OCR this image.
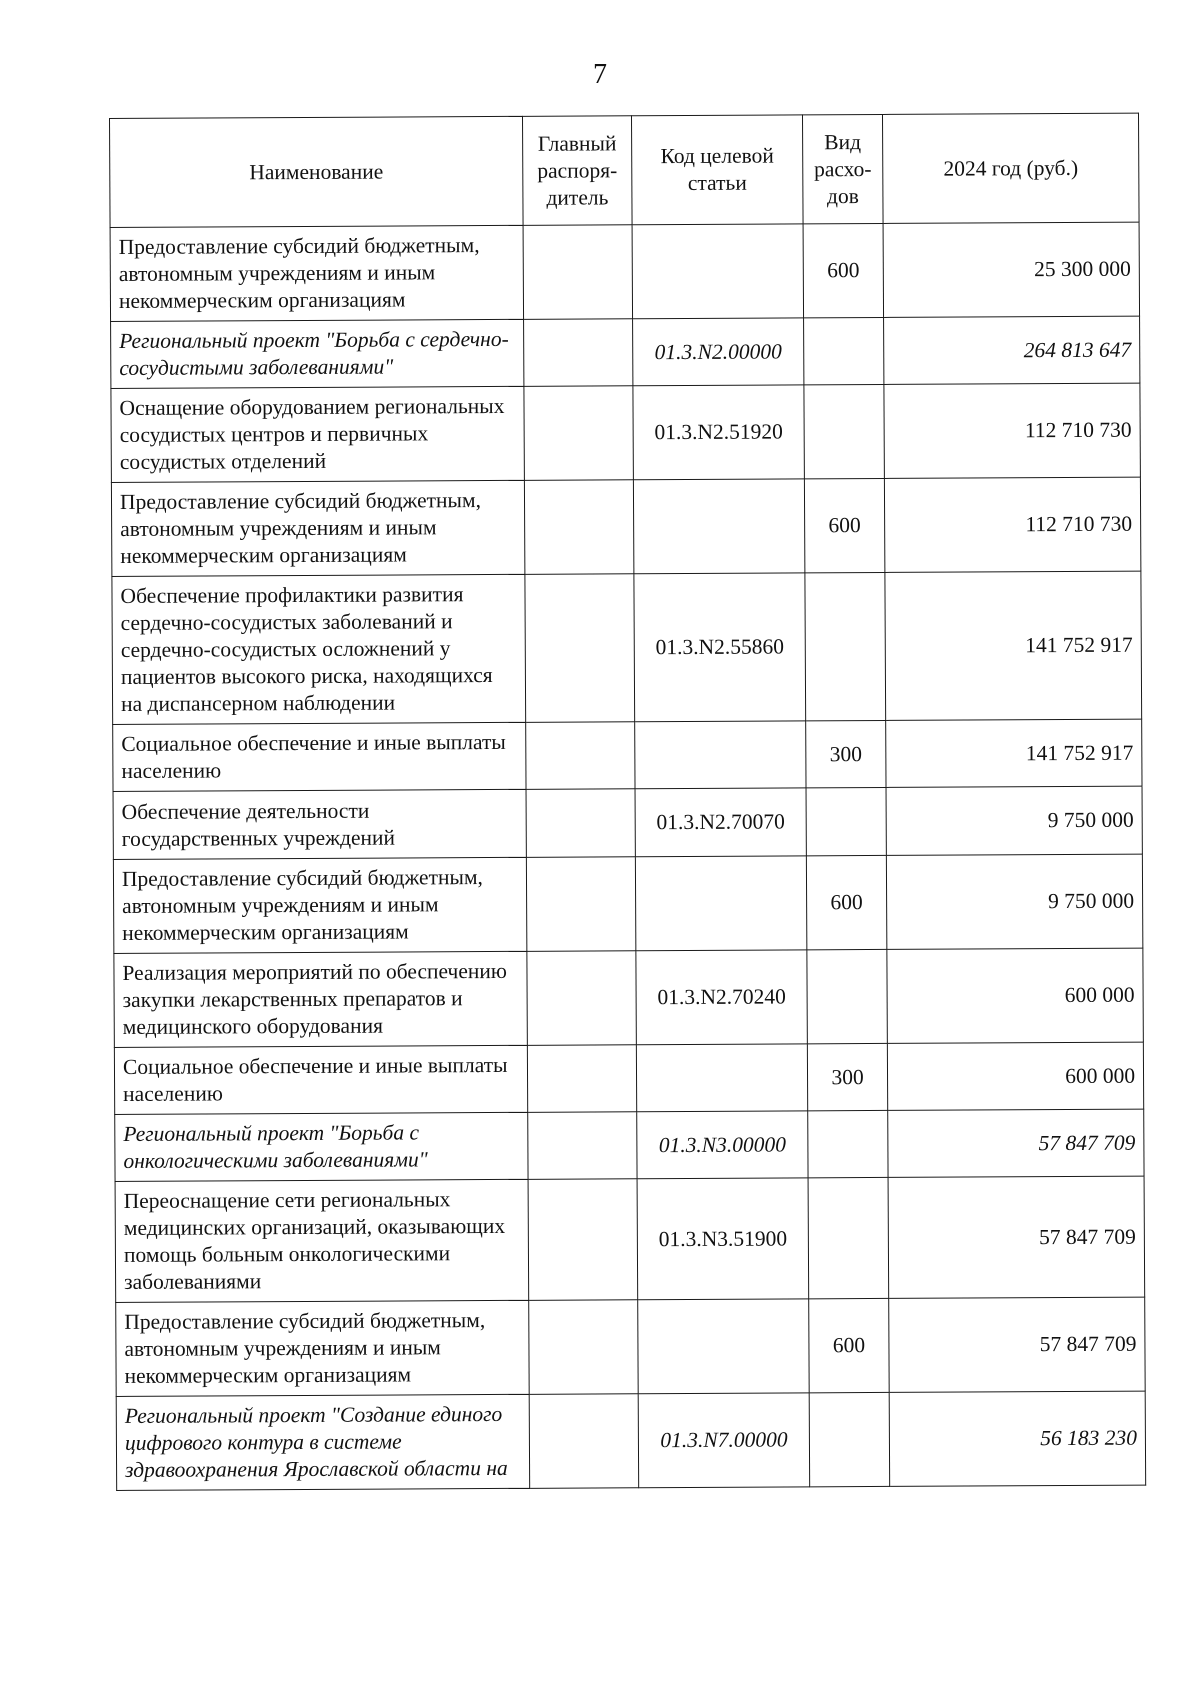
7
Наименование	Главный распоря-дитель	Код целевой статьи	Вид расхо-дов	2024 год (руб.)
Предоставление субсидий бюджетным, автономным учреждениям и иным некоммерческим организациям			600	25 300 000
Региональный проект "Борьба с сердечно-сосудистыми заболеваниями"		01.3.N2.00000		264 813 647
Оснащение оборудованием региональных сосудистых центров и первичных сосудистых отделений		01.3.N2.51920		112 710 730
Предоставление субсидий бюджетным, автономным учреждениям и иным некоммерческим организациям			600	112 710 730
Обеспечение профилактики развития сердечно-сосудистых заболеваний и сердечно-сосудистых осложнений у пациентов высокого риска, находящихся на диспансерном наблюдении		01.3.N2.55860		141 752 917
Социальное обеспечение и иные выплаты населению			300	141 752 917
Обеспечение деятельности государственных учреждений		01.3.N2.70070		9 750 000
Предоставление субсидий бюджетным, автономным учреждениям и иным некоммерческим организациям			600	9 750 000
Реализация мероприятий по обеспечению закупки лекарственных препаратов и медицинского оборудования		01.3.N2.70240		600 000
Социальное обеспечение и иные выплаты населению			300	600 000
Региональный проект "Борьба с онкологическими заболеваниями"		01.3.N3.00000		57 847 709
Переоснащение сети региональных медицинских организаций, оказывающих помощь больным онкологическими заболеваниями		01.3.N3.51900		57 847 709
Предоставление субсидий бюджетным, автономным учреждениям и иным некоммерческим организациям			600	57 847 709
Региональный проект "Создание единого цифрового контура в системе здравоохранения Ярославской области на		01.3.N7.00000		56 183 230
